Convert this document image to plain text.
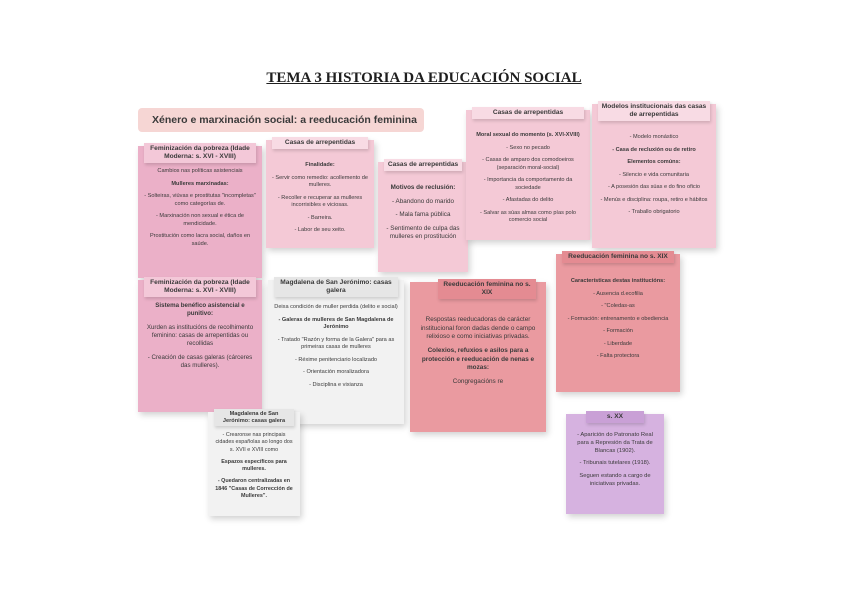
TEMA 3 HISTORIA DA EDUCACIÓN SOCIAL
Xénero e marxinación social: a reeducación feminina
Feminización da pobreza (Idade Moderna: s. XVI - XVIII)

Cambios nas políticas asistenciais

Mulleres marxinadas:

- Solteiras, viúvas e prostitutas "incompletas" como categorías de.

- Marxinación non sexual e ética de mendicidade.

Prostitución como lacra social, daños en saúde.

Feminización da pobreza (Idade Moderna: s. XVI - XVIII)

Sistema benéfico asistencial e punitivo:

Xurden as institucións de recolhimento feminino: casas de arrepentidas ou recollidas

- Creación de casas galeras (cárceres das mulleres).

Casas de arrepentidas

Finalidade:

- Servir como remedio: acollemento de mulleres.

- Recoller e recuperar as mulleres incorrixibles e viciosas.

- Barreira.

- Labor de seu xeito.

Casas de arrepentidas

Motivos de reclusión:

- Abandono do marido

- Mala fama pública

- Sentimento de culpa das mulleres en prostitución

Casas de arrepentidas

Moral sexual do momento (s. XVI-XVIII)

- Sexo no pecado

- Casas de amparo dos comodoeiros (separación moral-social)

- Importancia da comportamento da sociedade

- Afastadas do delito

- Salvar as súas almas como pías polo comercio social

Modelos institucionais das casas de arrepentidas

- Modelo monástico

- Casa de recluxión ou de retiro

Elementos comúns:

- Silencio e vida comunitaria

- A posesión das súas e do fino oficio

- Menús e disciplina: roupa, retiro e hábitos

- Traballo obrigatorio

Magdalena de San Jerónimo: casas galera

Deixa condición de muller perdida (delito e social)

- Galeras de mulleres de San Magdalena de Jerónimo

- Tratado "Razón y forma de la Galera" para as primeiras casas de mulleres

- Réxime penitenciario localizado

- Orientación moralizadora

- Disciplina e vixianza

Magdalena de San Jerónimo: casas galera

- Crearonse nas principais cidades españolas ao longo dos s. XVII e XVIII como

Espazos específicos para mulleres.

- Quedaron centralizadas en 1846 "Casas de Corrección de Mulleres".

Reeducación feminina no s. XIX

Respostas reeducadoras de carácter institucional foron dadas dende o campo relixioso e como iniciativas privadas.

Colexios, refuxios e asilos para a protección e reeducación de nenas e mozas:

Congregacións re

Reeducación feminina no s. XIX

Características destas institucións:

- Ausencia d.ecofilia

- "Coledas-as

- Formación: entrenamento e obediencia

- Formación

- Liberdade

- Falta protectora

s. XX

- Aparición do Patronato Real para a Represión da Trata de Blancas (1902).

- Tribunais tutelares (1918).

Seguen estando a cargo de iniciativas privadas.
